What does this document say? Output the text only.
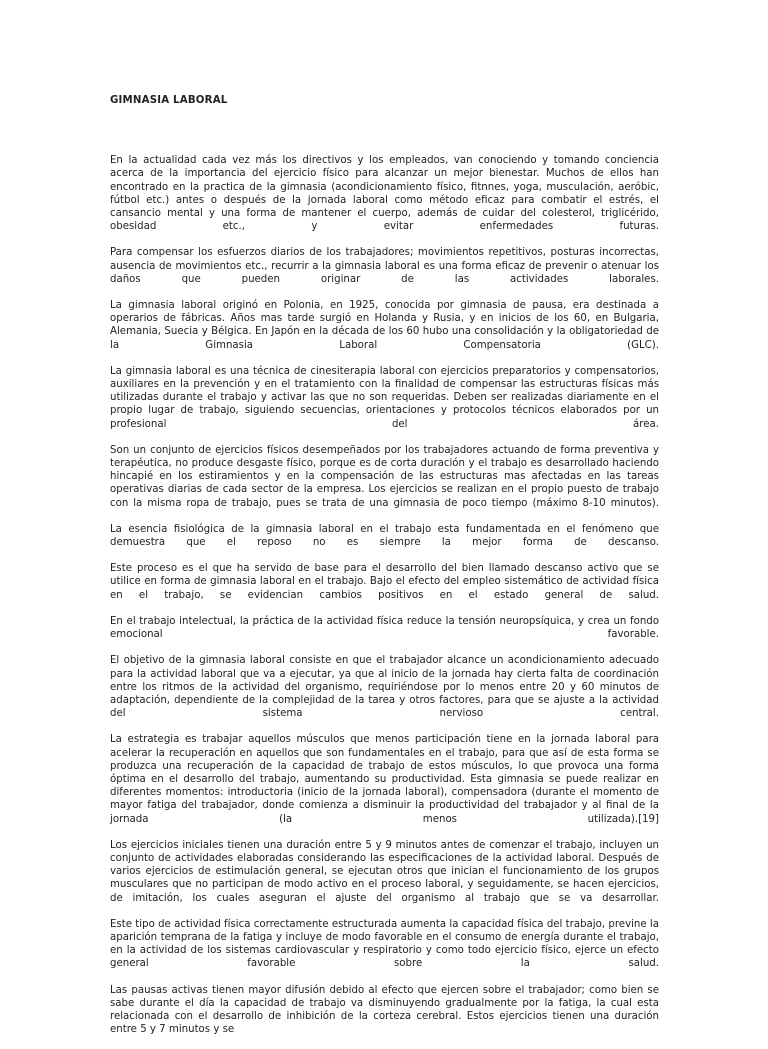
GIMNASIA LABORAL

En la actualidad cada vez más los directivos y los empleados, van conociendo y tomando conciencia acerca de la importancia del ejercicio físico para alcanzar un mejor bienestar. Muchos de ellos han encontrado en la practica de la gimnasia (acondicionamiento físico, fitnnes, yoga, musculación, aeróbic, fútbol etc.) antes o después de la jornada laboral como método eficaz para combatir el estrés, el cansancio mental y una forma de mantener el cuerpo, además de cuidar del colesterol, triglicérido, obesidad etc., y evitar enfermedades futuras.

Para compensar los esfuerzos diarios de los trabajadores; movimientos repetitivos, posturas incorrectas, ausencia de movimientos etc., recurrir a la gimnasia laboral es una forma eficaz de prevenir o atenuar los daños que pueden originar de las actividades laborales.

La gimnasia laboral originó en Polonia, en 1925, conocida por gimnasia de pausa, era destinada a operarios de fábricas. Años mas tarde surgió en Holanda y Rusia, y en inicios de los 60, en Bulgaria, Alemania, Suecia y Bélgica. En Japón en la década de los 60 hubo una consolidación y la obligatoriedad de la Gimnasia Laboral Compensatoria (GLC).

La gimnasia laboral es una técnica de cinesiterapia laboral con ejercicios preparatorios y compensatorios, auxiliares en la prevención y en el tratamiento con la finalidad de compensar las estructuras físicas más utilizadas durante el trabajo y activar las que no son requeridas. Deben ser realizadas diariamente en el propio lugar de trabajo, siguiendo secuencias, orientaciones y protocolos técnicos elaborados por un profesional del área.

Son un conjunto de ejercicios físicos desempeñados por los trabajadores actuando de forma preventiva y terapéutica, no produce desgaste físico, porque es de corta duración y el trabajo es desarrollado haciendo hincapié en los estiramientos y en la compensación de las estructuras mas afectadas en las tareas operativas diarias de cada sector de la empresa. Los ejercicios se realizan en el propio puesto de trabajo con la misma ropa de trabajo, pues se trata de una gimnasia de poco tiempo (máximo 8-10 minutos).

La esencia fisiológica de la gimnasia laboral en el trabajo esta fundamentada en el fenómeno que demuestra que el reposo no es siempre la mejor forma de descanso.

Este proceso es el que ha servido de base para el desarrollo del bien llamado descanso activo que se utilice en forma de gimnasia laboral en el trabajo. Bajo el efecto del empleo sistemático de actividad física en el trabajo, se evidencian cambios positivos en el estado general de salud.

En el trabajo intelectual, la práctica de la actividad física reduce la tensión neuropsíquica, y crea un fondo emocional favorable.

El objetivo de la gimnasia laboral consiste en que el trabajador alcance un acondicionamiento adecuado para la actividad laboral que va a ejecutar, ya que al inicio de la jornada hay cierta falta de coordinación entre los ritmos de la actividad del organismo, requiriéndose por lo menos entre 20 y 60 minutos de adaptación, dependiente de la complejidad de la tarea y otros factores, para que se ajuste a la actividad del sistema nervioso central.

La estrategia es trabajar aquellos músculos que menos participación tiene en la jornada laboral para acelerar la recuperación en aquellos que son fundamentales en el trabajo, para que así de esta forma se produzca una recuperación de la capacidad de trabajo de estos músculos, lo que provoca una forma óptima en el desarrollo del trabajo, aumentando su productividad. Esta gimnasia se puede realizar en diferentes momentos: introductoria (inicio de la jornada laboral), compensadora (durante el momento de mayor fatiga del trabajador, donde comienza a disminuir la productividad del trabajador y al final de la jornada (la menos utilizada).[19]

Los ejercicios iniciales tienen una duración entre 5 y 9 minutos antes de comenzar el trabajo, incluyen un conjunto de actividades elaboradas considerando las especificaciones de la actividad laboral. Después de varios ejercicios de estimulación general, se ejecutan otros que inician el funcionamiento de los grupos musculares que no participan de modo activo en el proceso laboral, y seguidamente, se hacen ejercicios, de imitación, los cuales aseguran el ajuste del organismo al trabajo que se va desarrollar.

Este tipo de actividad física correctamente estructurada aumenta la capacidad física del trabajo, previne la aparición temprana de la fatiga y incluye de modo favorable en el consumo de energía durante el trabajo, en la actividad de los sistemas cardiovascular y respiratorio y como todo ejercicio físico, ejerce un efecto general favorable sobre la salud.

Las pausas activas tienen mayor difusión debido al efecto que ejercen sobre el trabajador; como bien se sabe durante el día la capacidad de trabajo va disminuyendo gradualmente por la fatiga, la cual esta relacionada con el desarrollo de inhibición de la corteza cerebral. Estos ejercicios tienen una duración entre 5 y 7 minutos y se
